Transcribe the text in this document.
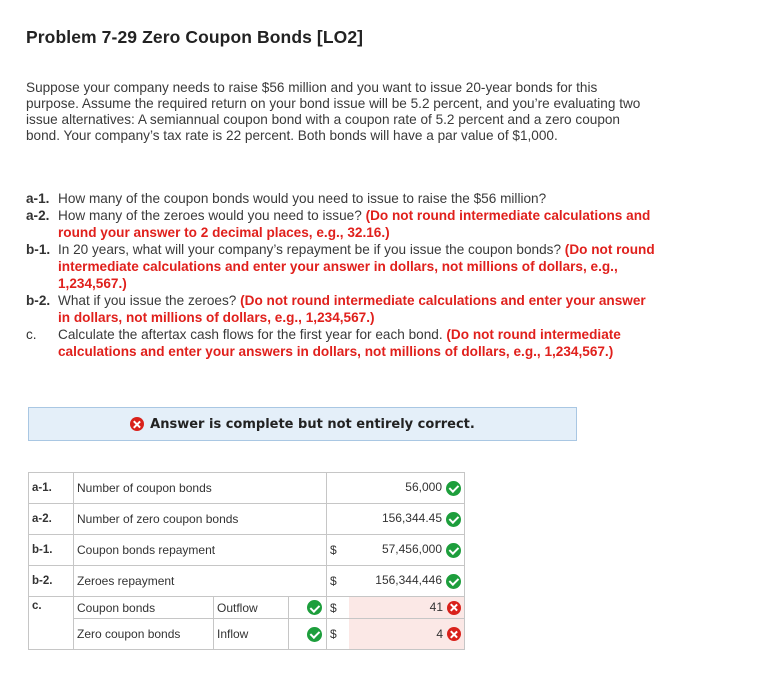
Problem 7-29 Zero Coupon Bonds [LO2]
Suppose your company needs to raise $56 million and you want to issue 20-year bonds for this purpose. Assume the required return on your bond issue will be 5.2 percent, and you’re evaluating two issue alternatives: A semiannual coupon bond with a coupon rate of 5.2 percent and a zero coupon bond. Your company’s tax rate is 22 percent. Both bonds will have a par value of $1,000.
a-1. How many of the coupon bonds would you need to issue to raise the $56 million?
a-2. How many of the zeroes would you need to issue? (Do not round intermediate calculations and round your answer to 2 decimal places, e.g., 32.16.)
b-1. In 20 years, what will your company’s repayment be if you issue the coupon bonds? (Do not round intermediate calculations and enter your answer in dollars, not millions of dollars, e.g., 1,234,567.)
b-2. What if you issue the zeroes? (Do not round intermediate calculations and enter your answer in dollars, not millions of dollars, e.g., 1,234,567.)
c.	Calculate the aftertax cash flows for the first year for each bond. (Do not round intermediate calculations and enter your answers in dollars, not millions of dollars, e.g., 1,234,567.)
Answer is complete but not entirely correct.
a-1.	Number of coupon bonds				56,000
a-2.	Number of zero coupon bonds				156,344.45
b-1.	Coupon bonds repayment			$	57,456,000
b-2.	Zeroes repayment			$	156,344,446
c.	Coupon bonds	Outflow		$	41
	Zero coupon bonds	Inflow		$	4
